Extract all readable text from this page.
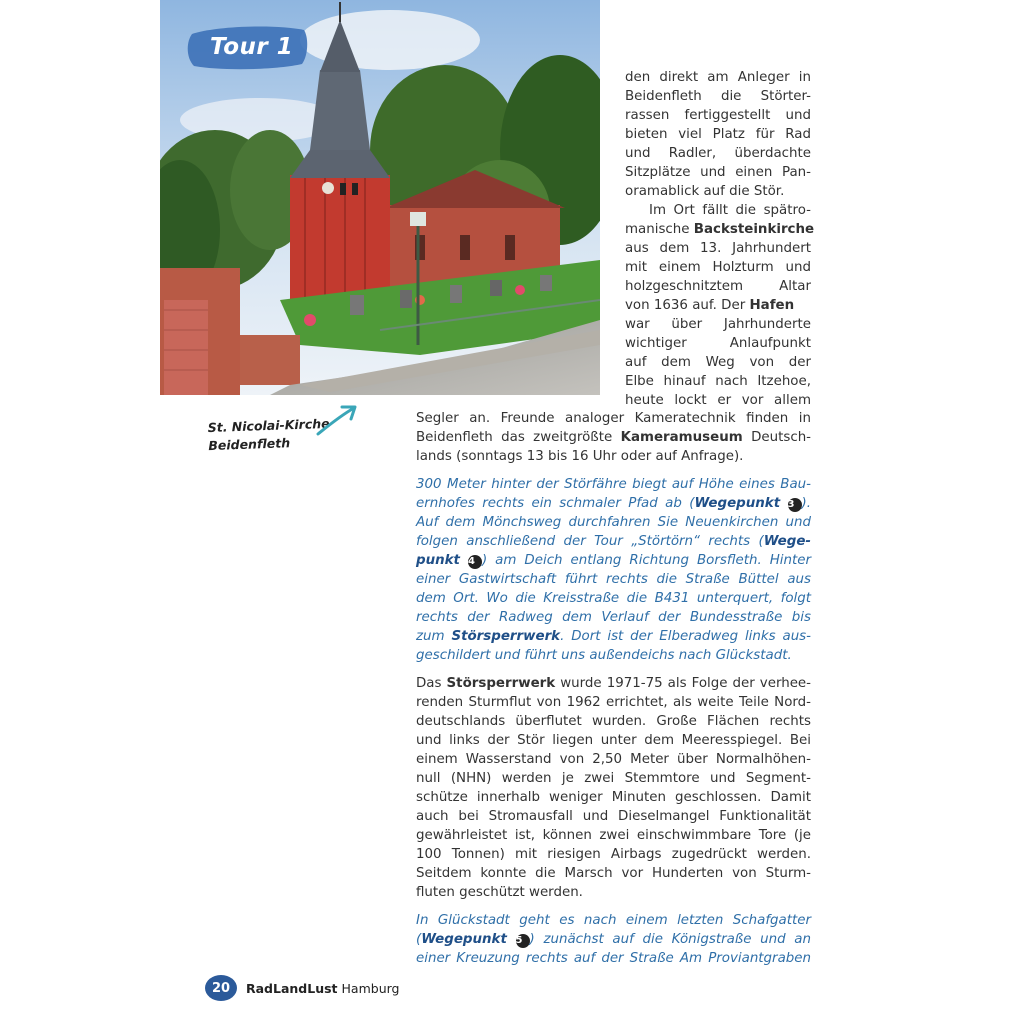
Tour 1
St. Nicolai-Kirche
Beidenfleth
den direkt am Anleger in
Beidenfleth die Störter-
rassen fertiggestellt und
bieten viel Platz für Rad
und Radler, überdachte
Sitzplätze und einen Pan-
oramablick auf die Stör.
Im Ort fällt die spätro-
manische Backsteinkirche
aus dem 13. Jahrhundert
mit einem Holzturm und
holzgeschnitztem Altar
von 1636 auf. Der Hafen
war über Jahrhunderte
wichtiger Anlaufpunkt
auf dem Weg von der
Elbe hinauf nach Itzehoe,
heute lockt er vor allem
Segler an. Freunde analoger Kameratechnik finden in
Beidenfleth das zweitgrößte Kameramuseum Deutsch-
lands (sonntags 13 bis 16 Uhr oder auf Anfrage).
300 Meter hinter der Störfähre biegt auf Höhe eines Bau-
ernhofes rechts ein schmaler Pfad ab (Wegepunkt 3 ).
Auf dem Mönchsweg durchfahren Sie Neuenkirchen und
folgen anschließend der Tour „Störtörn“ rechts (Wege-
punkt 4 ) am Deich entlang Richtung Borsfleth. Hinter
einer Gastwirtschaft führt rechts die Straße Büttel aus
dem Ort. Wo die Kreisstraße die B431 unterquert, folgt
rechts der Radweg dem Verlauf der Bundesstraße bis
zum Störsperrwerk. Dort ist der Elberadweg links aus-
geschildert und führt uns außendeichs nach Glückstadt.
Das Störsperrwerk wurde 1971-75 als Folge der verhee-
renden Sturmflut von 1962 errichtet, als weite Teile Nord-
deutschlands überflutet wurden. Große Flächen rechts
und links der Stör liegen unter dem Meeresspiegel. Bei
einem Wasserstand von 2,50 Meter über Normalhöhen-
null (NHN) werden je zwei Stemmtore und Segment-
schütze innerhalb weniger Minuten geschlossen. Damit
auch bei Stromausfall und Dieselmangel Funktionalität
gewährleistet ist, können zwei einschwimmbare Tore (je
100 Tonnen) mit riesigen Airbags zugedrückt werden.
Seitdem konnte die Marsch vor Hunderten von Sturm-
fluten geschützt werden.
In Glückstadt geht es nach einem letzten Schafgatter
(Wegepunkt 5 ) zunächst auf die Königstraße und an
einer Kreuzung rechts auf der Straße Am Proviantgraben
20	RadLandLust Hamburg
